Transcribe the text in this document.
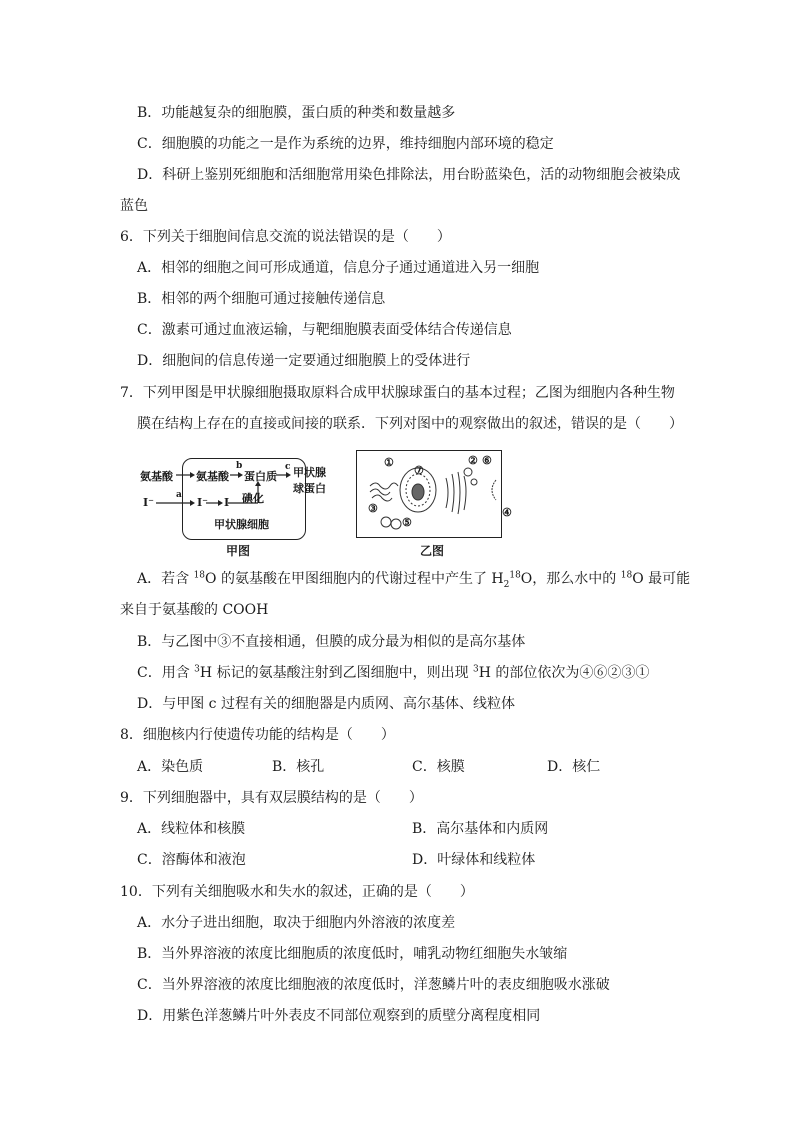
B．功能越复杂的细胞膜，蛋白质的种类和数量越多
C．细胞膜的功能之一是作为系统的边界，维持细胞内部环境的稳定
D．科研上鉴别死细胞和活细胞常用染色排除法，用台盼蓝染色，活的动物细胞会被染成
蓝色
6．下列关于细胞间信息交流的说法错误的是（　　）
A．相邻的细胞之间可形成通道，信息分子通过通道进入另一细胞
B．相邻的两个细胞可通过接触传递信息
C．激素可通过血液运输，与靶细胞膜表面受体结合传递信息
D．细胞间的信息传递一定要通过细胞膜上的受体进行
7．下列甲图是甲状腺细胞摄取原料合成甲状腺球蛋白的基本过程；乙图为细胞内各种生物
膜在结构上存在的直接或间接的联系．下列对图中的观察做出的叙述，错误的是（　　）
氨基酸
I⁻
氨基酸
b
蛋白质
c 甲状腺
球蛋白
a
I⁻ I 碘化
甲状腺细胞
甲图
①
⑦
② ⑥
③
⑤
④
乙图
A．若含 $^{18}$O 的氨基酸在甲图细胞内的代谢过程中产生了 $H_2^{18}O$，那么水中的 $^{18}$O 最可能
来自于氨基酸的 COOH
B．与乙图中③不直接相通，但膜的成分最为相似的是高尔基体
C．用含 $^3$H 标记的氨基酸注射到乙图细胞中，则出现 $^3$H 的部位依次为④⑥②③①
D．与甲图 c 过程有关的细胞器是内质网、高尔基体、线粒体
8．细胞核内行使遗传功能的结构是（　　）
A．染色质	B．核孔	C．核膜	D．核仁
9．下列细胞器中，具有双层膜结构的是（　　）
A．线粒体和核膜	B．高尔基体和内质网
C．溶酶体和液泡	D．叶绿体和线粒体
10．下列有关细胞吸水和失水的叙述，正确的是（　　）
A．水分子进出细胞，取决于细胞内外溶液的浓度差
B．当外界溶液的浓度比细胞质的浓度低时，哺乳动物红细胞失水皱缩
C．当外界溶液的浓度比细胞液的浓度低时，洋葱鳞片叶的表皮细胞吸水涨破
D．用紫色洋葱鳞片叶外表皮不同部位观察到的质壁分离程度相同
